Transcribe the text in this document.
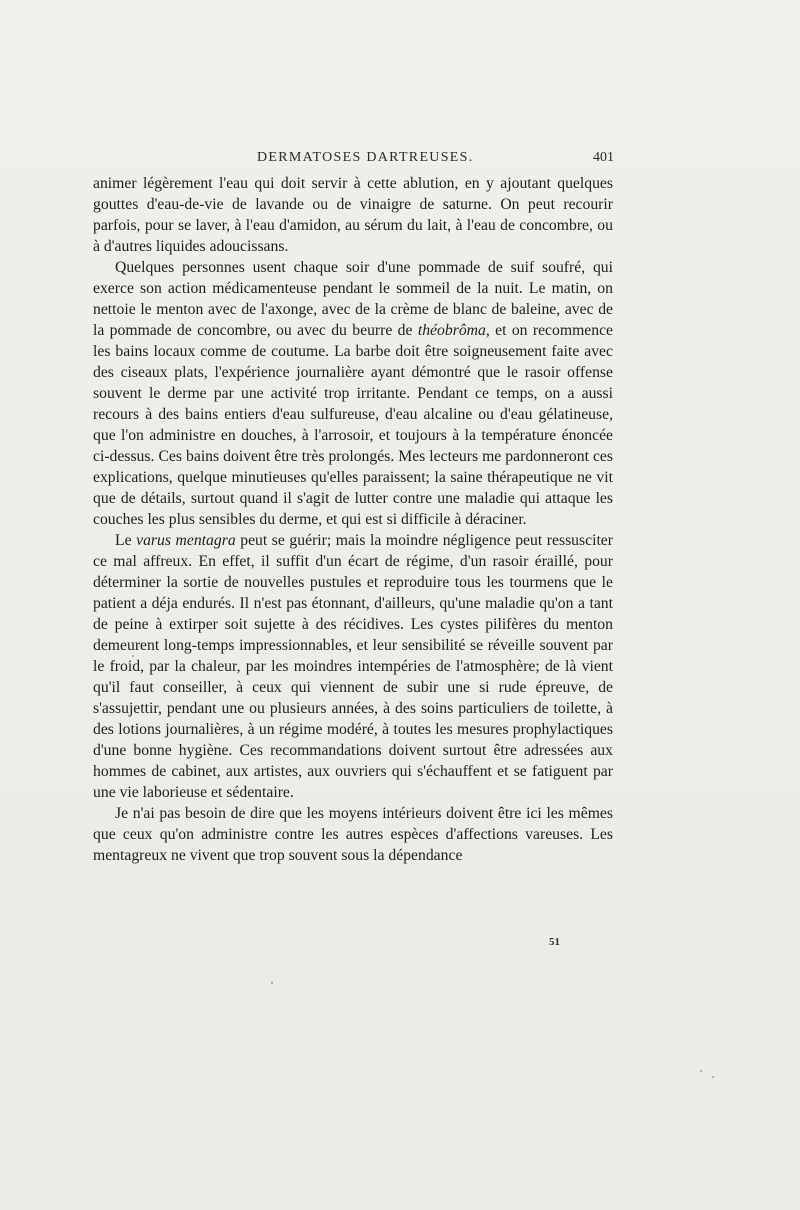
DERMATOSES DARTREUSES.	401

animer légèrement l'eau qui doit servir à cette ablution, en y ajoutant quelques gouttes d'eau-de-vie de lavande ou de vinaigre de saturne. On peut recourir parfois, pour se laver, à l'eau d'amidon, au sérum du lait, à l'eau de concombre, ou à d'autres liquides adoucissans.

Quelques personnes usent chaque soir d'une pommade de suif soufré, qui exerce son action médicamenteuse pendant le sommeil de la nuit. Le matin, on nettoie le menton avec de l'axonge, avec de la crème de blanc de baleine, avec de la pommade de concombre, ou avec du beurre de théobrôma, et on recommence les bains locaux comme de coutume. La barbe doit être soigneusement faite avec des ciseaux plats, l'expérience journalière ayant démontré que le rasoir offense souvent le derme par une activité trop irritante. Pendant ce temps, on a aussi recours à des bains entiers d'eau sulfureuse, d'eau alcaline ou d'eau gélatineuse, que l'on administre en douches, à l'arrosoir, et toujours à la température énoncée ci-dessus. Ces bains doivent être très prolongés. Mes lecteurs me pardonneront ces explications, quelque minutieuses qu'elles paraissent; la saine thérapeutique ne vit que de détails, surtout quand il s'agit de lutter contre une maladie qui attaque les couches les plus sensibles du derme, et qui est si difficile à déraciner.

Le varus mentagra peut se guérir; mais la moindre négligence peut ressusciter ce mal affreux. En effet, il suffit d'un écart de régime, d'un rasoir éraillé, pour déterminer la sortie de nouvelles pustules et reproduire tous les tourmens que le patient a déja endurés. Il n'est pas étonnant, d'ailleurs, qu'une maladie qu'on a tant de peine à extirper soit sujette à des récidives. Les cystes pilifères du menton demeurent long-temps impressionnables, et leur sensibilité se réveille souvent par le froid, par la chaleur, par les moindres intempéries de l'atmosphère; de là vient qu'il faut conseiller, à ceux qui viennent de subir une si rude épreuve, de s'assujettir, pendant une ou plusieurs années, à des soins particuliers de toilette, à des lotions journalières, à un régime modéré, à toutes les mesures prophylactiques d'une bonne hygiène. Ces recommandations doivent surtout être adressées aux hommes de cabinet, aux artistes, aux ouvriers qui s'échauffent et se fatiguent par une vie laborieuse et sédentaire.

Je n'ai pas besoin de dire que les moyens intérieurs doivent être ici les mêmes que ceux qu'on administre contre les autres espèces d'affections vareuses. Les mentagreux ne vivent que trop souvent sous la dépendance

51
